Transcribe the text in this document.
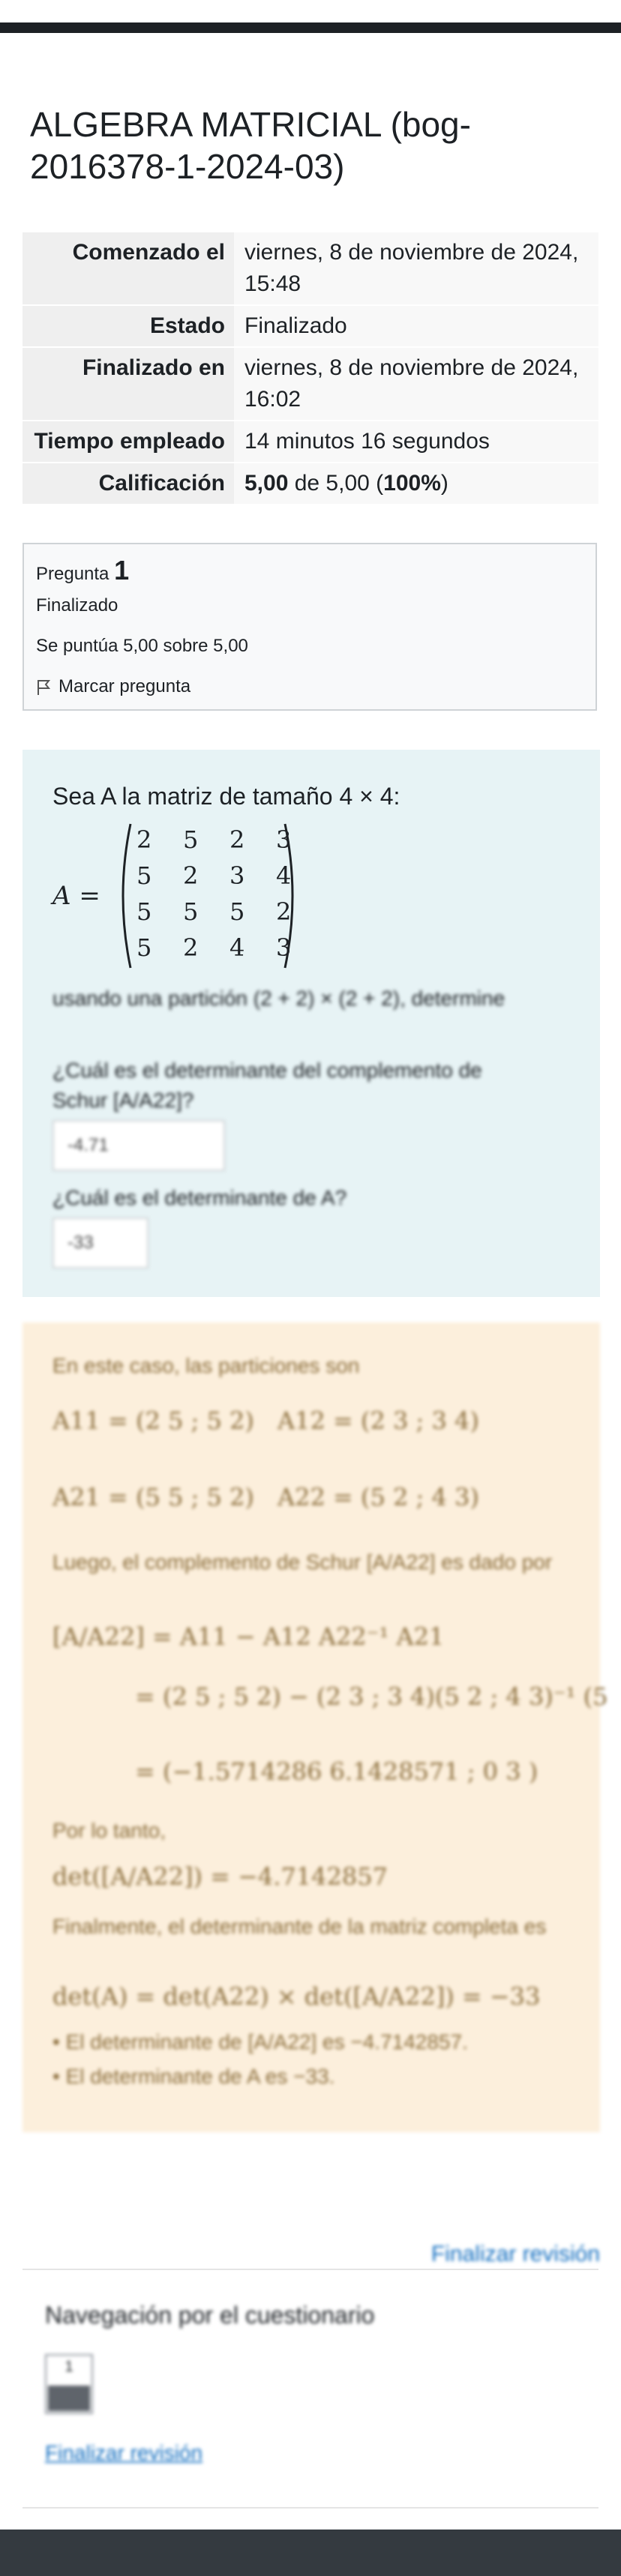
ALGEBRA MATRICIAL (bog-2016378-1-2024-03)
Comenzado el	viernes, 8 de noviembre de 2024, 15:48
Estado	Finalizado
Finalizado en	viernes, 8 de noviembre de 2024, 16:02
Tiempo empleado	14 minutos 16 segundos
Calificación	5,00 de 5,00 (100%)
Pregunta 1
Finalizado
Se puntúa 5,00 sobre 5,00
Marcar pregunta
Sea A la matriz de tamaño 4 × 4:
A =
2 5 2 3
5 2 3 4
5 5 5 2
5 2 4 3
usando una partición (2 + 2) × (2 + 2), determine
¿Cuál es el determinante del complemento de Schur [A/A22]?
-4.71
¿Cuál es el determinante de A?
-33
En este caso, las particiones son
A11 = (2 5 ; 5 2) A12 = (2 3 ; 3 4)
A21 = (5 5 ; 5 2) A22 = (5 2 ; 4 3)
Luego, el complemento de Schur [A/A22] es dado por
[A/A22] = A11 − A12 A22⁻¹ A21
= (2 5 ; 5 2) − (2 3 ; 3 4)(5 2 ; 4 3)⁻¹ (5
= (−1.5714286 6.1428571 ; 0 3 )
Por lo tanto,
det([A/A22]) = −4.7142857
Finalmente, el determinante de la matriz completa es
det(A) = det(A22) × det([A/A22]) = −33
• El determinante de [A/A22] es −4.7142857.
• El determinante de A es −33.
Finalizar revisión
Navegación por el cuestionario
1
Finalizar revisión
